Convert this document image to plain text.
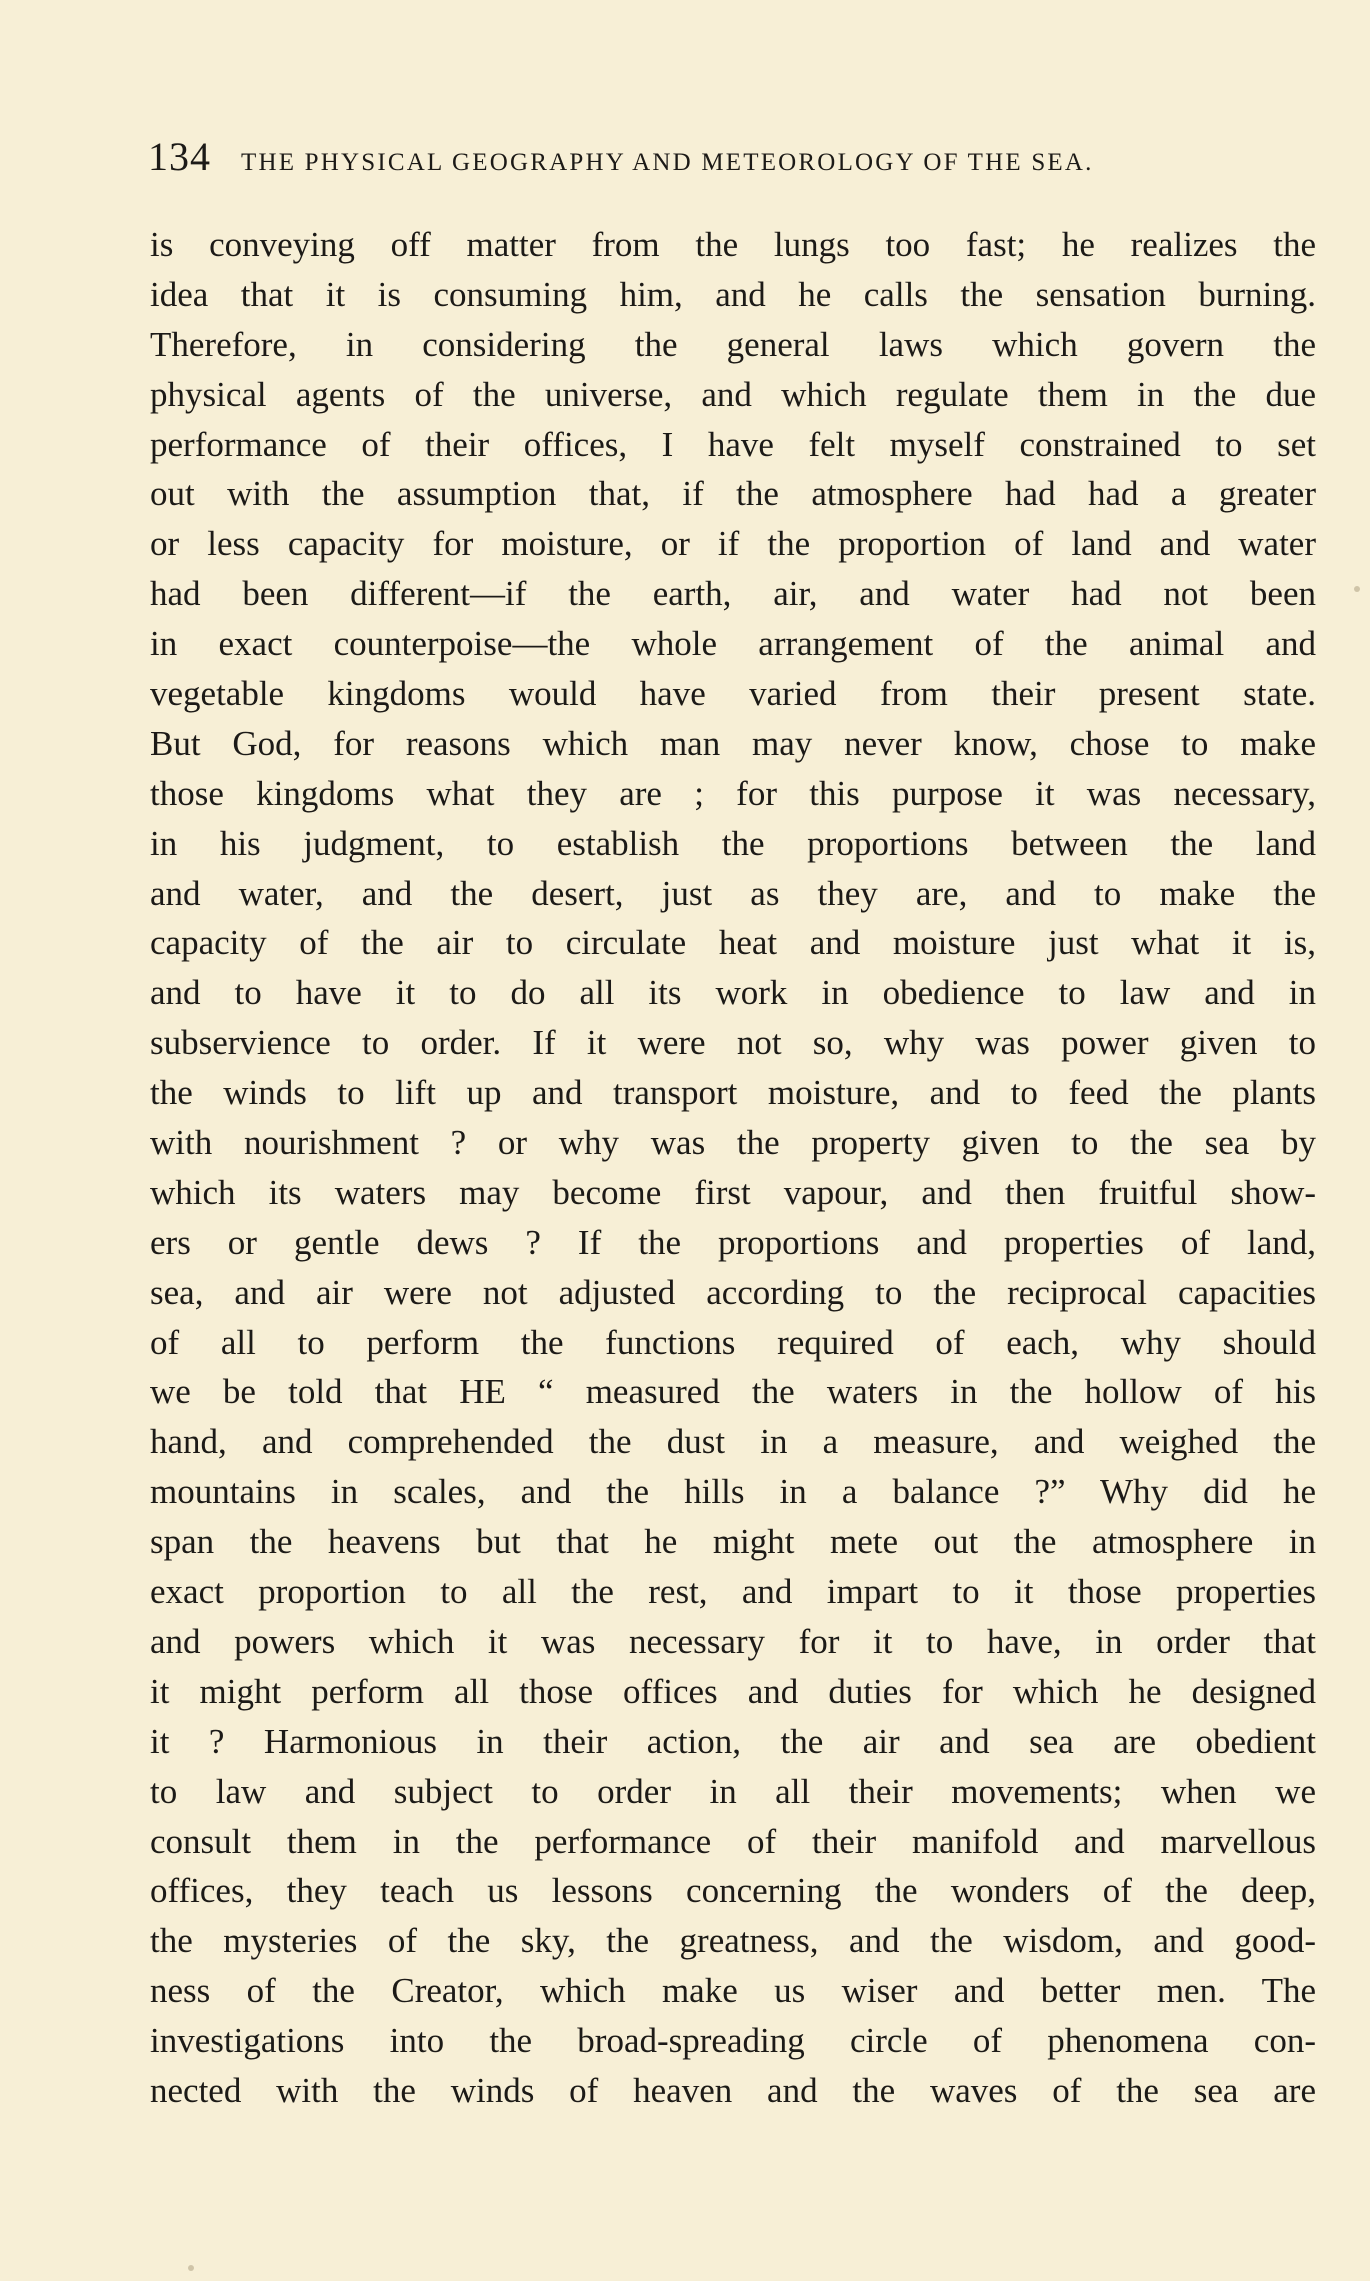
134 THE PHYSICAL GEOGRAPHY AND METEOROLOGY OF THE SEA.
is conveying off matter from the lungs too fast; he realizes the
idea that it is consuming him, and he calls the sensation burning.
Therefore, in considering the general laws which govern the
physical agents of the universe, and which regulate them in the due
performance of their offices, I have felt myself constrained to set
out with the assumption that, if the atmosphere had had a greater
or less capacity for moisture, or if the proportion of land and water
had been different—if the earth, air, and water had not been
in exact counterpoise—the whole arrangement of the animal and
vegetable kingdoms would have varied from their present state.
But God, for reasons which man may never know, chose to make
those kingdoms what they are ; for this purpose it was necessary,
in his judgment, to establish the proportions between the land
and water, and the desert, just as they are, and to make the
capacity of the air to circulate heat and moisture just what it is,
and to have it to do all its work in obedience to law and in
subservience to order. If it were not so, why was power given to
the winds to lift up and transport moisture, and to feed the plants
with nourishment ? or why was the property given to the sea by
which its waters may become first vapour, and then fruitful show-
ers or gentle dews ? If the proportions and properties of land,
sea, and air were not adjusted according to the reciprocal capacities
of all to perform the functions required of each, why should
we be told that HE “ measured the waters in the hollow of his
hand, and comprehended the dust in a measure, and weighed the
mountains in scales, and the hills in a balance ?” Why did he
span the heavens but that he might mete out the atmosphere in
exact proportion to all the rest, and impart to it those properties
and powers which it was necessary for it to have, in order that
it might perform all those offices and duties for which he designed
it ? Harmonious in their action, the air and sea are obedient
to law and subject to order in all their movements; when we
consult them in the performance of their manifold and marvellous
offices, they teach us lessons concerning the wonders of the deep,
the mysteries of the sky, the greatness, and the wisdom, and good-
ness of the Creator, which make us wiser and better men. The
investigations into the broad-spreading circle of phenomena con-
nected with the winds of heaven and the waves of the sea are
